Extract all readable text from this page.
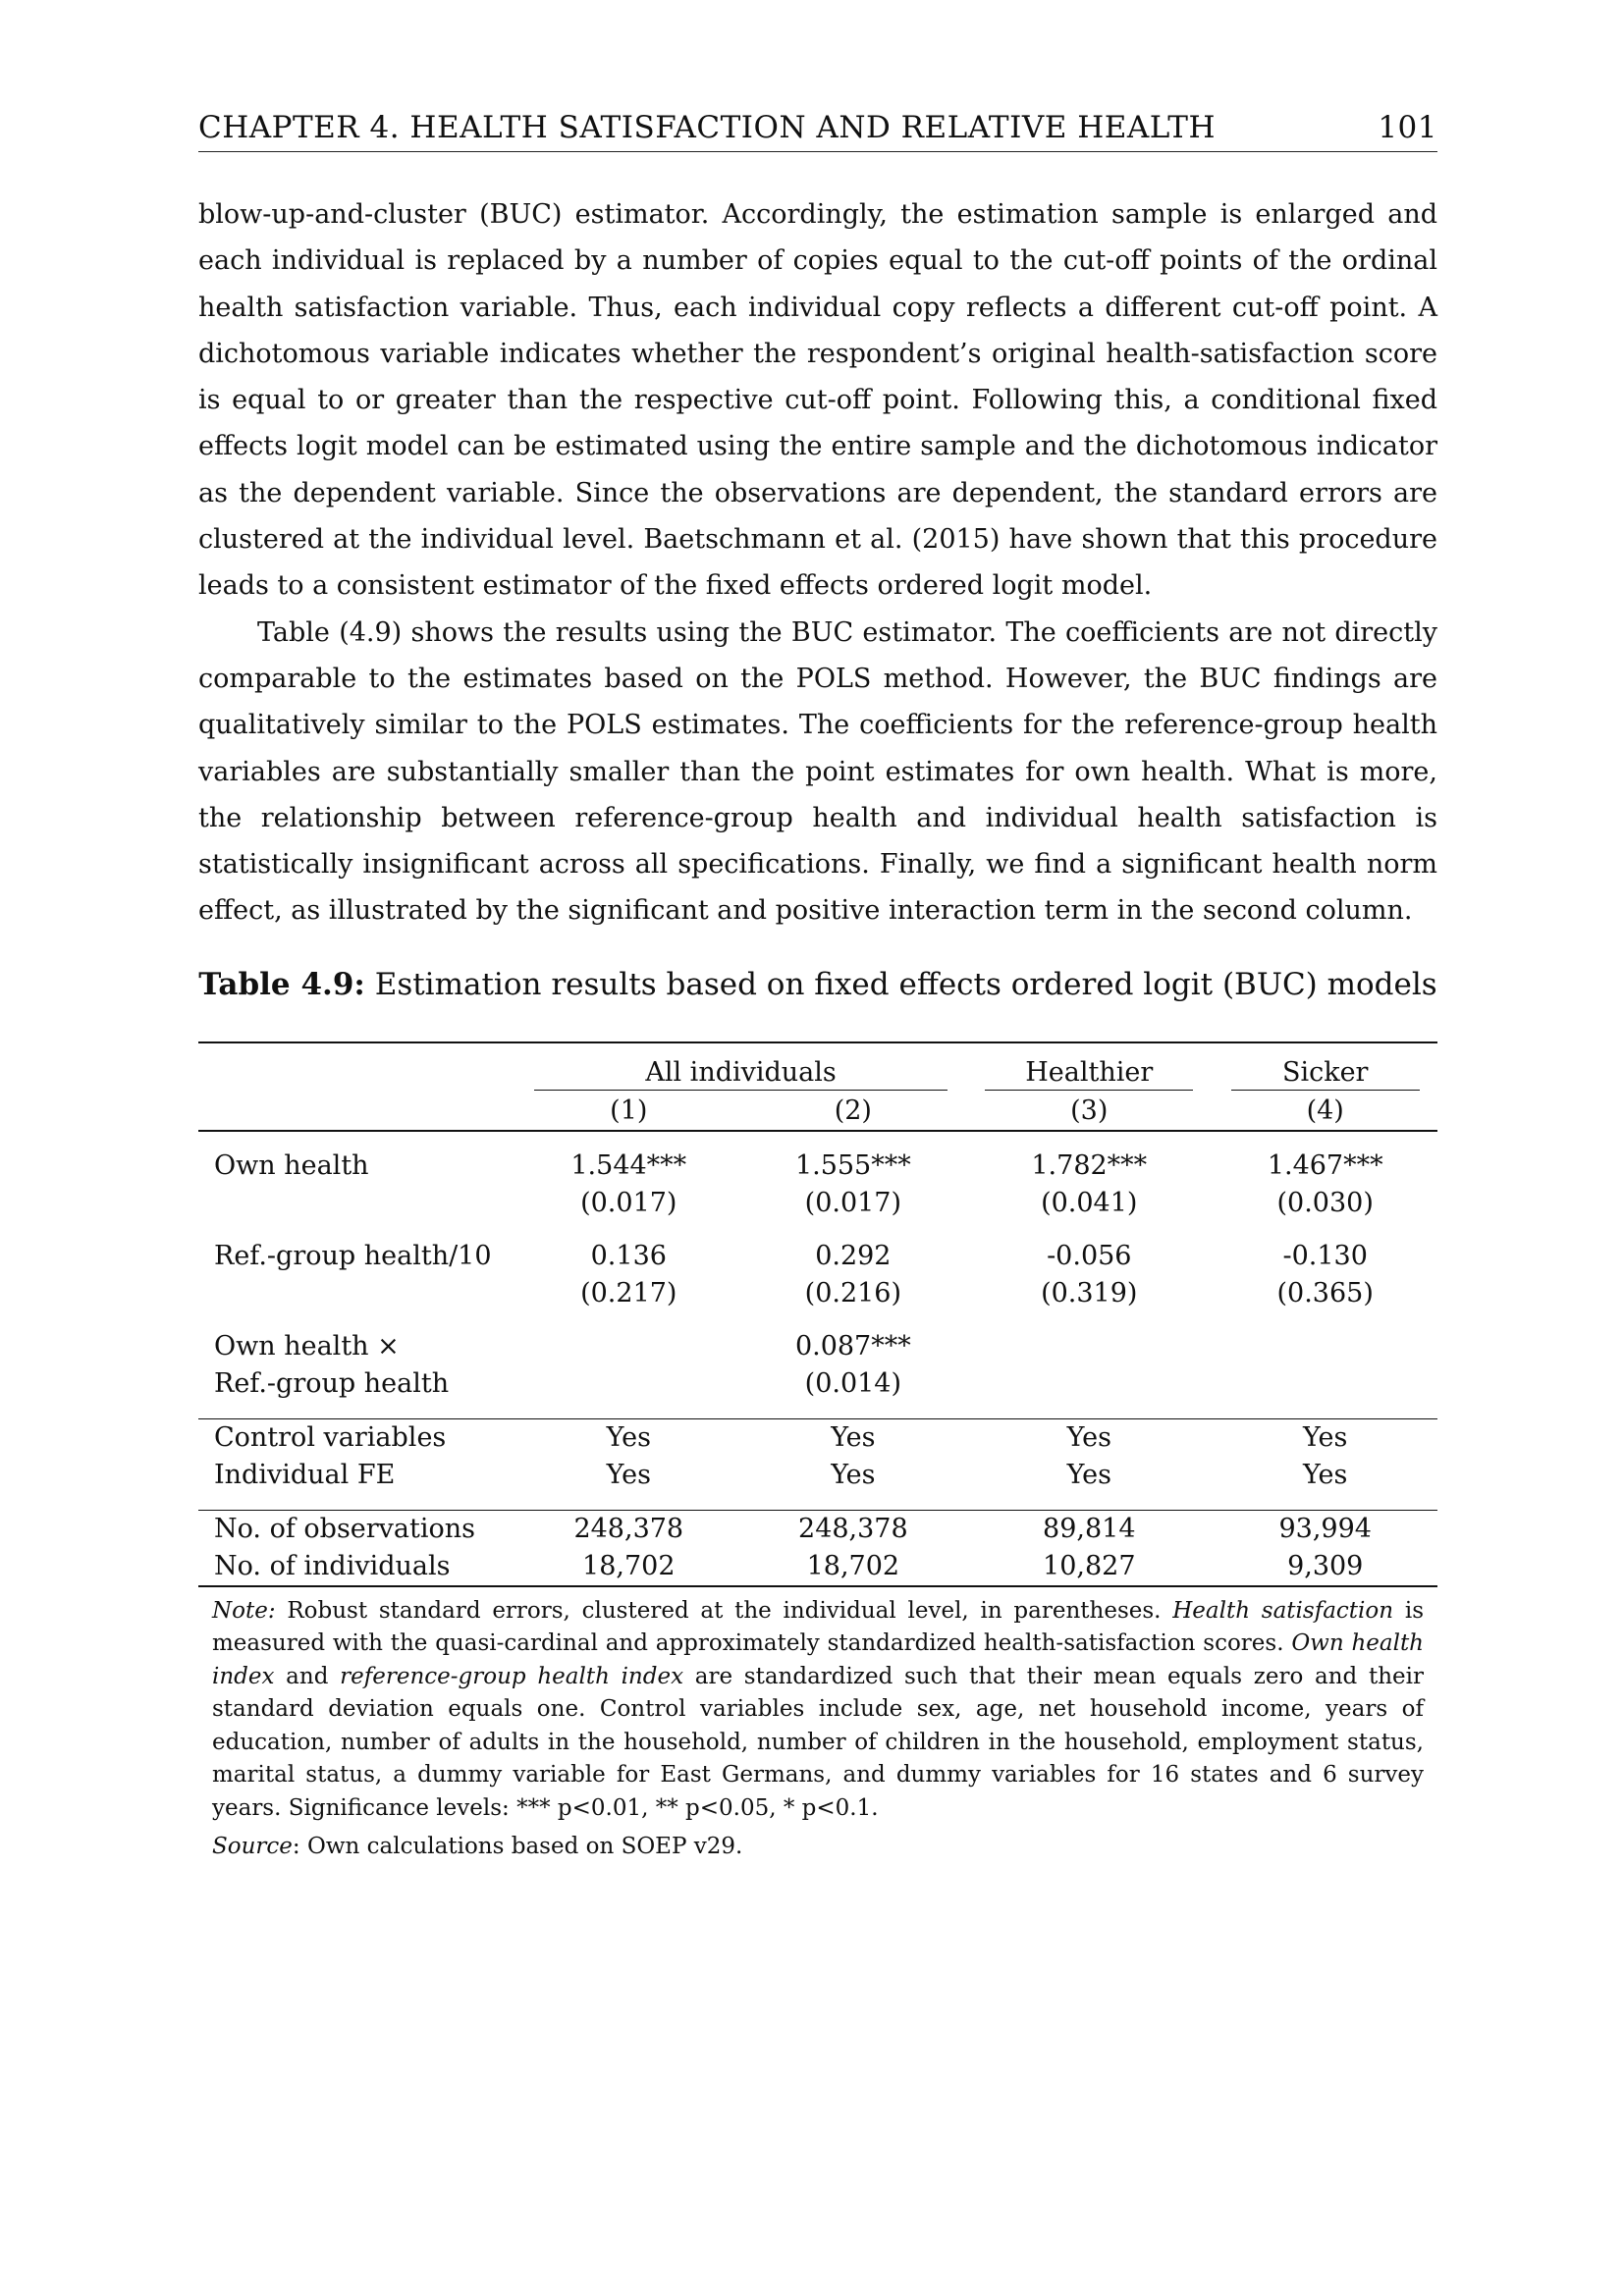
CHAPTER 4. HEALTH SATISFACTION AND RELATIVE HEALTH	101

blow-up-and-cluster (BUC) estimator. Accordingly, the estimation sample is enlarged and each individual is replaced by a number of copies equal to the cut-off points of the ordinal health satisfaction variable. Thus, each individual copy reflects a different cut-off point. A dichotomous variable indicates whether the respondent’s original health-satisfaction score is equal to or greater than the respective cut-off point. Following this, a conditional fixed effects logit model can be estimated using the entire sample and the dichotomous indicator as the dependent variable. Since the observations are dependent, the standard errors are clustered at the individual level. Baetschmann et al. (2015) have shown that this procedure leads to a consistent estimator of the fixed effects ordered logit model.

Table (4.9) shows the results using the BUC estimator. The coefficients are not directly comparable to the estimates based on the POLS method. However, the BUC findings are qualitatively similar to the POLS estimates. The coefficients for the reference-group health variables are substantially smaller than the point estimates for own health. What is more, the relationship between reference-group health and individual health satisfaction is statistically insignificant across all specifications. Finally, we find a significant health norm effect, as illustrated by the significant and positive interaction term in the second column.

Table 4.9: Estimation results based on fixed effects ordered logit (BUC) models
	All individuals		Healthier	Sicker

	(1)	(2)	(3)	(4)

Own health	1.544***	1.555***	1.782***	1.467***
	(0.017)	(0.017)	(0.041)	(0.030)

Ref.-group health/10	0.136	0.292	-0.056	-0.130
	(0.217)	(0.216)	(0.319)	(0.365)

Own health ×		0.087***		
Ref.-group health		(0.014)		

Control variables	Yes	Yes	Yes	Yes
Individual FE	Yes	Yes	Yes	Yes

No. of observations	248,378	248,378	89,814	93,994
No. of individuals	18,702	18,702	10,827	9,309
Note: Robust standard errors, clustered at the individual level, in parentheses. Health satisfaction is measured with the quasi-cardinal and approximately standardized health-satisfaction scores. Own health index and reference-group health index are standardized such that their mean equals zero and their standard deviation equals one. Control variables include sex, age, net household income, years of education, number of adults in the household, number of children in the household, employment status, marital status, a dummy variable for East Germans, and dummy variables for 16 states and 6 survey years. Significance levels: *** p<0.01, ** p<0.05, * p<0.1.
Source: Own calculations based on SOEP v29.
